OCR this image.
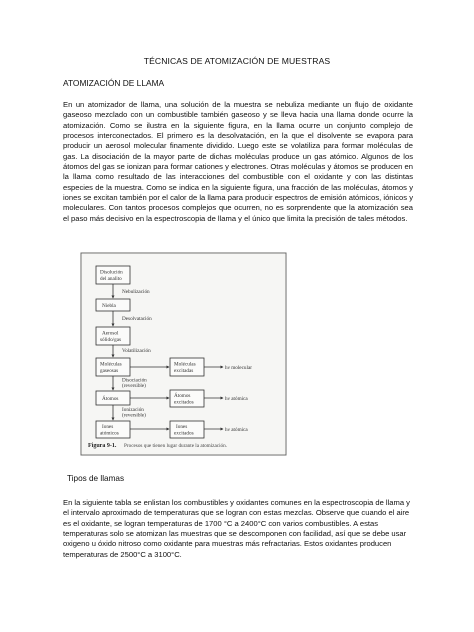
TÉCNICAS DE ATOMIZACIÓN DE MUESTRAS
ATOMIZACIÓN DE LLAMA
En un atomizador de llama, una solución de la muestra se nebuliza mediante un flujo de oxidante gaseoso mezclado con un combustible también gaseoso y se lleva hacia una llama donde ocurre la atomización. Como se ilustra en la siguiente figura, en la llama ocurre un conjunto complejo de procesos interconectados. El primero es la desolvatación, en la que el disolvente se evapora para producir un aerosol molecular finamente dividido. Luego este se volatiliza para formar moléculas de gas. La disociación de la mayor parte de dichas moléculas produce un gas atómico. Algunos de los átomos del gas se ionizan para formar cationes y electrones. Otras moléculas y átomos se producen en la llama como resultado de las interacciones del combustible con el oxidante y con las distintas especies de la muestra. Como se indica en la siguiente figura, una fracción de las moléculas, átomos y iones se excitan también por el calor de la llama para producir espectros de emisión atómicos, iónicos y moleculares. Con tantos procesos complejos que ocurren, no es sorprendente que la atomización sea el paso más decisivo en la espectroscopia de llama y el único que limita la precisión de tales métodos.
Disolución
del analito
Nebulización
Niebla
Desolvatación
Aerosol
sólido/gas
Volatilización
Moléculas
gaseosas
Moléculas
excitadas	hν molecular
Disociación
(reversible)
Átomos	Átomos
excitados
hν atómica
Ionización
(reversible)
Iones
atómicos
Iones
excitados
hν atómica
Figura 9-1. Procesos que tienen lugar durante la atomización.
Tipos de llamas
En la siguiente tabla se enlistan los combustibles y oxidantes comunes en la espectroscopia de llama y el intervalo aproximado de temperaturas que se logran con estas mezclas. Observe que cuando el aire es el oxidante, se logran temperaturas de 1700 °C a 2400°C con varios combustibles. A estas temperaturas solo se atomizan las muestras que se descomponen con facilidad, así que se debe usar oxigeno u óxido nitroso como oxidante para muestras más refractarias. Estos oxidantes producen temperaturas de 2500°C a 3100°C.
